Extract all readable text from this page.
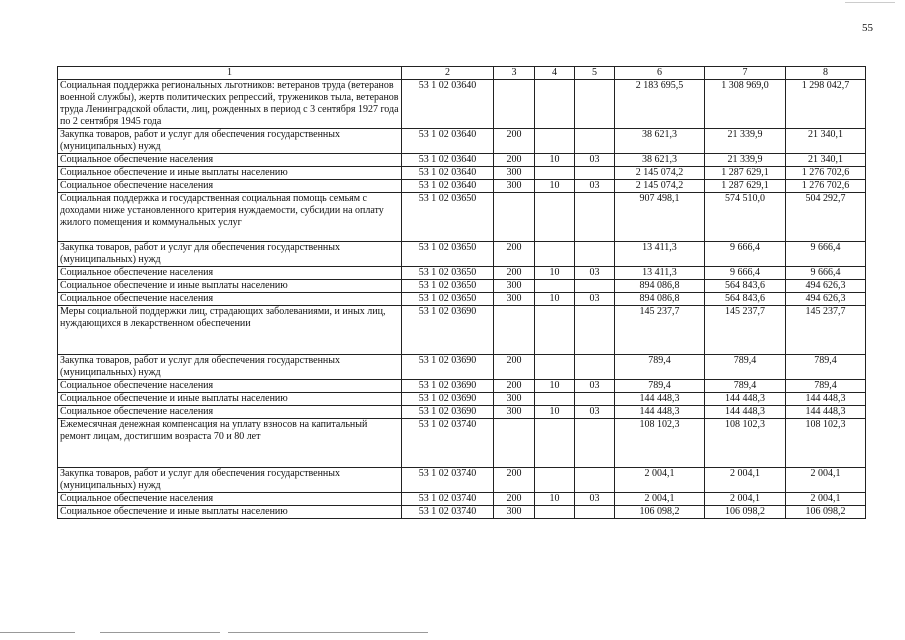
55
1	2	3	4	5	6	7	8
Социальная поддержка региональных льготников: ветеранов труда (ветеранов военной службы), жертв политических репрессий, тружеников тыла, ветеранов труда Ленинградской области, лиц, рожденных в период с 3 сентября 1927 года по 2 сентября 1945 года	53 1 02 03640				2 183 695,5	1 308 969,0	1 298 042,7
Закупка товаров, работ и услуг для обеспечения государственных (муниципальных) нужд	53 1 02 03640	200			38 621,3	21 339,9	21 340,1
Социальное обеспечение населения	53 1 02 03640	200	10	03	38 621,3	21 339,9	21 340,1
Социальное обеспечение и иные выплаты населению	53 1 02 03640	300			2 145 074,2	1 287 629,1	1 276 702,6
Социальное обеспечение населения	53 1 02 03640	300	10	03	2 145 074,2	1 287 629,1	1 276 702,6
Социальная поддержка и государственная социальная помощь семьям с доходами ниже установленного критерия нуждаемости, субсидии на оплату жилого помещения и коммунальных услуг	53 1 02 03650				907 498,1	574 510,0	504 292,7
Закупка товаров, работ и услуг для обеспечения государственных (муниципальных) нужд	53 1 02 03650	200			13 411,3	9 666,4	9 666,4
Социальное обеспечение населения	53 1 02 03650	200	10	03	13 411,3	9 666,4	9 666,4
Социальное обеспечение и иные выплаты населению	53 1 02 03650	300			894 086,8	564 843,6	494 626,3
Социальное обеспечение населения	53 1 02 03650	300	10	03	894 086,8	564 843,6	494 626,3
Меры социальной поддержки лиц, страдающих заболеваниями, и иных лиц, нуждающихся в лекарственном обеспечении	53 1 02 03690				145 237,7	145 237,7	145 237,7
Закупка товаров, работ и услуг для обеспечения государственных (муниципальных) нужд	53 1 02 03690	200			789,4	789,4	789,4
Социальное обеспечение населения	53 1 02 03690	200	10	03	789,4	789,4	789,4
Социальное обеспечение и иные выплаты населению	53 1 02 03690	300			144 448,3	144 448,3	144 448,3
Социальное обеспечение населения	53 1 02 03690	300	10	03	144 448,3	144 448,3	144 448,3
Ежемесячная денежная компенсация на уплату взносов на капитальный ремонт лицам, достигшим возраста 70 и 80 лет	53 1 02 03740				108 102,3	108 102,3	108 102,3
Закупка товаров, работ и услуг для обеспечения государственных (муниципальных) нужд	53 1 02 03740	200			2 004,1	2 004,1	2 004,1
Социальное обеспечение населения	53 1 02 03740	200	10	03	2 004,1	2 004,1	2 004,1
Социальное обеспечение и иные выплаты населению	53 1 02 03740	300			106 098,2	106 098,2	106 098,2
